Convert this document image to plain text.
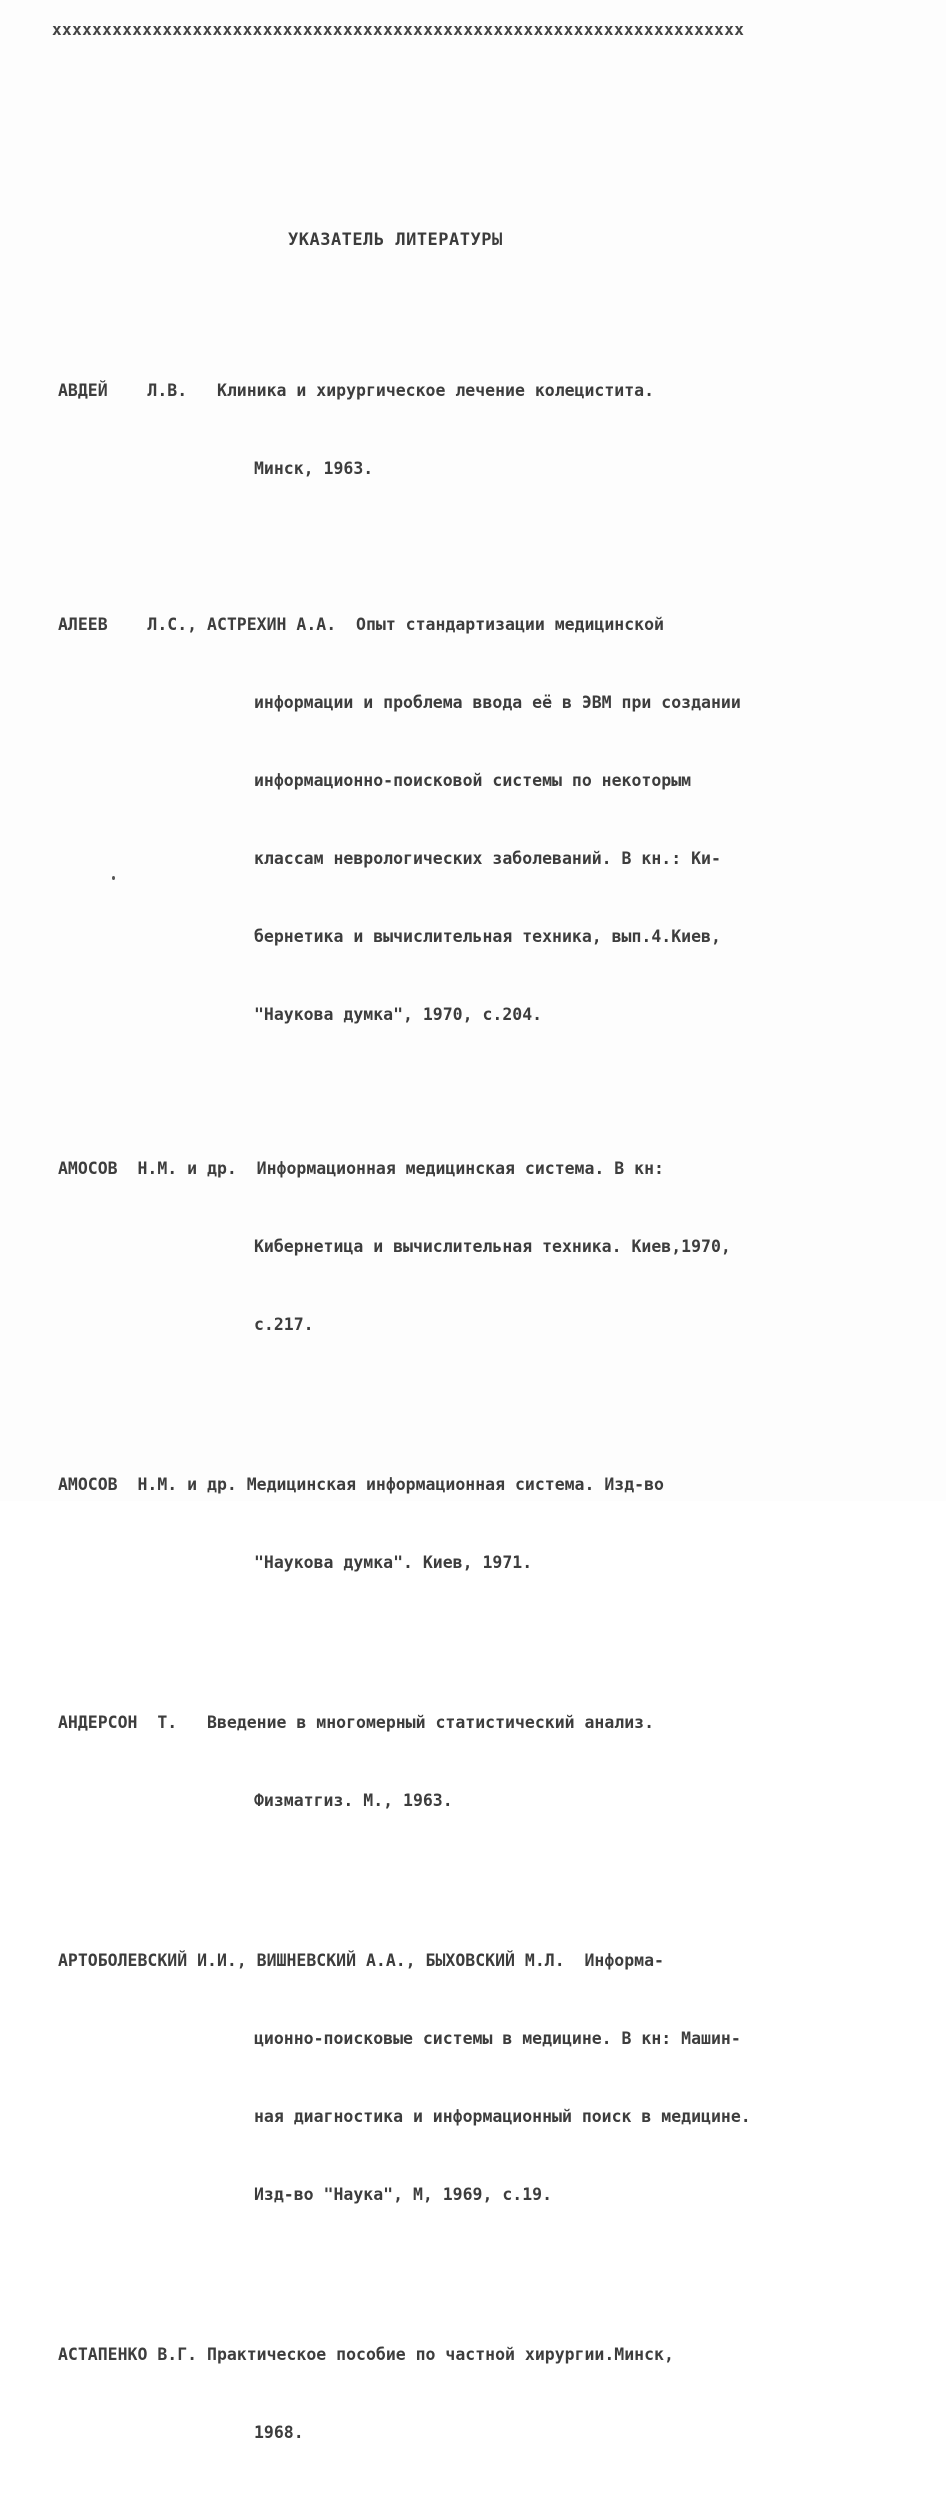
xxxxxxxxxxxxxxxxxxxxxxxxxxxxxxxxxxxxxxxxxxxxxxxxxxxxxxxxxxxxxxxxxxxxx
УКАЗАТЕЛЬ ЛИТЕРАТУРЫ

АВДЕЙ    Л.В.   Клиника и хирургическое лечение колецистита.

Минск, 1963.

АЛЕЕВ    Л.С., АСТРЕХИН А.А.  Опыт стандартизации медицинской

информации и проблема ввода её в ЭВМ при создании

информационно-поисковой системы по некоторым

классам неврологических заболеваний. В кн.: Ки-

бернетика и вычислительная техника, вып.4.Киев,

"Наукова думка", 1970, с.204.

АМОСОВ  Н.М. и др.  Информационная медицинская система. В кн:

Кибернетица и вычислительная техника. Киев,1970,

с.217.

АМОСОВ  Н.М. и др. Медицинская информационная система. Изд-во

"Наукова думка". Киев, 1971.

АНДЕРСОН  Т.   Введение в многомерный статистический анализ.

Физматгиз. М., 1963.

АРТОБОЛЕВСКИЙ И.И., ВИШНЕВСКИЙ А.А., БЫХОВСКИЙ М.Л.  Информа-

ционно-поисковые системы в медицине. В кн: Машин-

ная диагностика и информационный поиск в медицине.

Изд-во "Наука", М, 1969, с.19.

АСТАПЕНКО В.Г. Практическое пособие по частной хирургии.Минск,

1968.
